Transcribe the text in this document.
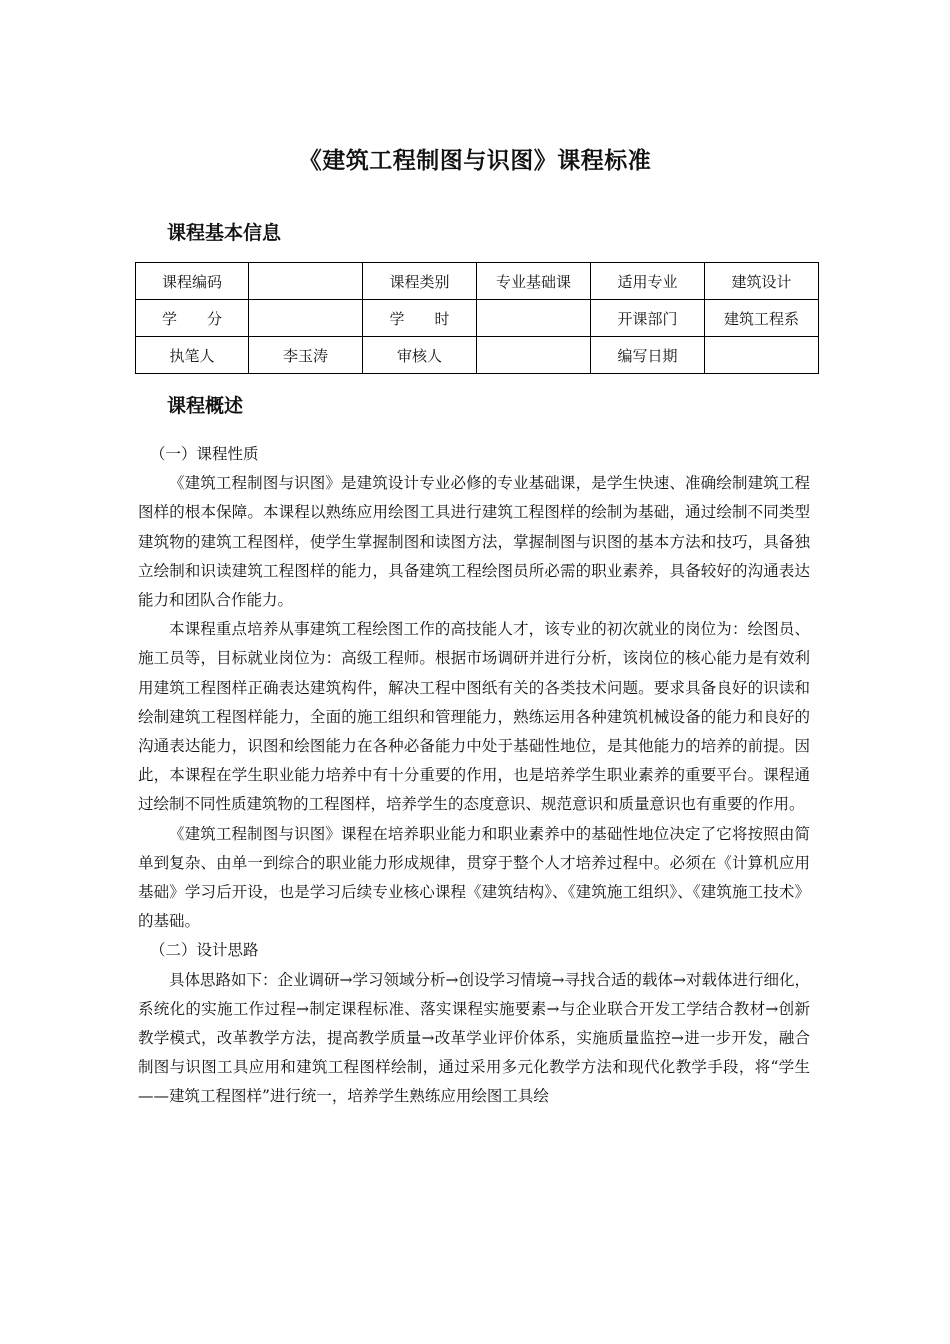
《建筑工程制图与识图》课程标准
课程基本信息
课程编码		课程类别	专业基础课	适用专业	建筑设计
学　　分		学　　时		开课部门	建筑工程系
执笔人	李玉涛	审核人		编写日期	
课程概述

（一）课程性质

《建筑工程制图与识图》是建筑设计专业必修的专业基础课，是学生快速、准确绘制建筑工程图样的根本保障。本课程以熟练应用绘图工具进行建筑工程图样的绘制为基础，通过绘制不同类型建筑物的建筑工程图样，使学生掌握制图和读图方法，掌握制图与识图的基本方法和技巧，具备独立绘制和识读建筑工程图样的能力，具备建筑工程绘图员所必需的职业素养，具备较好的沟通表达能力和团队合作能力。

本课程重点培养从事建筑工程绘图工作的高技能人才，该专业的初次就业的岗位为：绘图员、施工员等，目标就业岗位为：高级工程师。根据市场调研并进行分析，该岗位的核心能力是有效利用建筑工程图样正确表达建筑构件，解决工程中图纸有关的各类技术问题。要求具备良好的识读和绘制建筑工程图样能力，全面的施工组织和管理能力，熟练运用各种建筑机械设备的能力和良好的沟通表达能力，识图和绘图能力在各种必备能力中处于基础性地位，是其他能力的培养的前提。因此，本课程在学生职业能力培养中有十分重要的作用，也是培养学生职业素养的重要平台。课程通过绘制不同性质建筑物的工程图样，培养学生的态度意识、规范意识和质量意识也有重要的作用。

《建筑工程制图与识图》课程在培养职业能力和职业素养中的基础性地位决定了它将按照由简单到复杂、由单一到综合的职业能力形成规律，贯穿于整个人才培养过程中。必须在《计算机应用基础》学习后开设，也是学习后续专业核心课程《建筑结构》、《建筑施工组织》、《建筑施工技术》的基础。

（二）设计思路

具体思路如下：企业调研→学习领域分析→创设学习情境→寻找合适的载体→对载体进行细化，系统化的实施工作过程→制定课程标准、落实课程实施要素→与企业联合开发工学结合教材→创新教学模式，改革教学方法，提高教学质量→改革学业评价体系，实施质量监控→进一步开发，融合制图与识图工具应用和建筑工程图样绘制，通过采用多元化教学方法和现代化教学手段，将“学生——建筑工程图样”进行统一，培养学生熟练应用绘图工具绘
